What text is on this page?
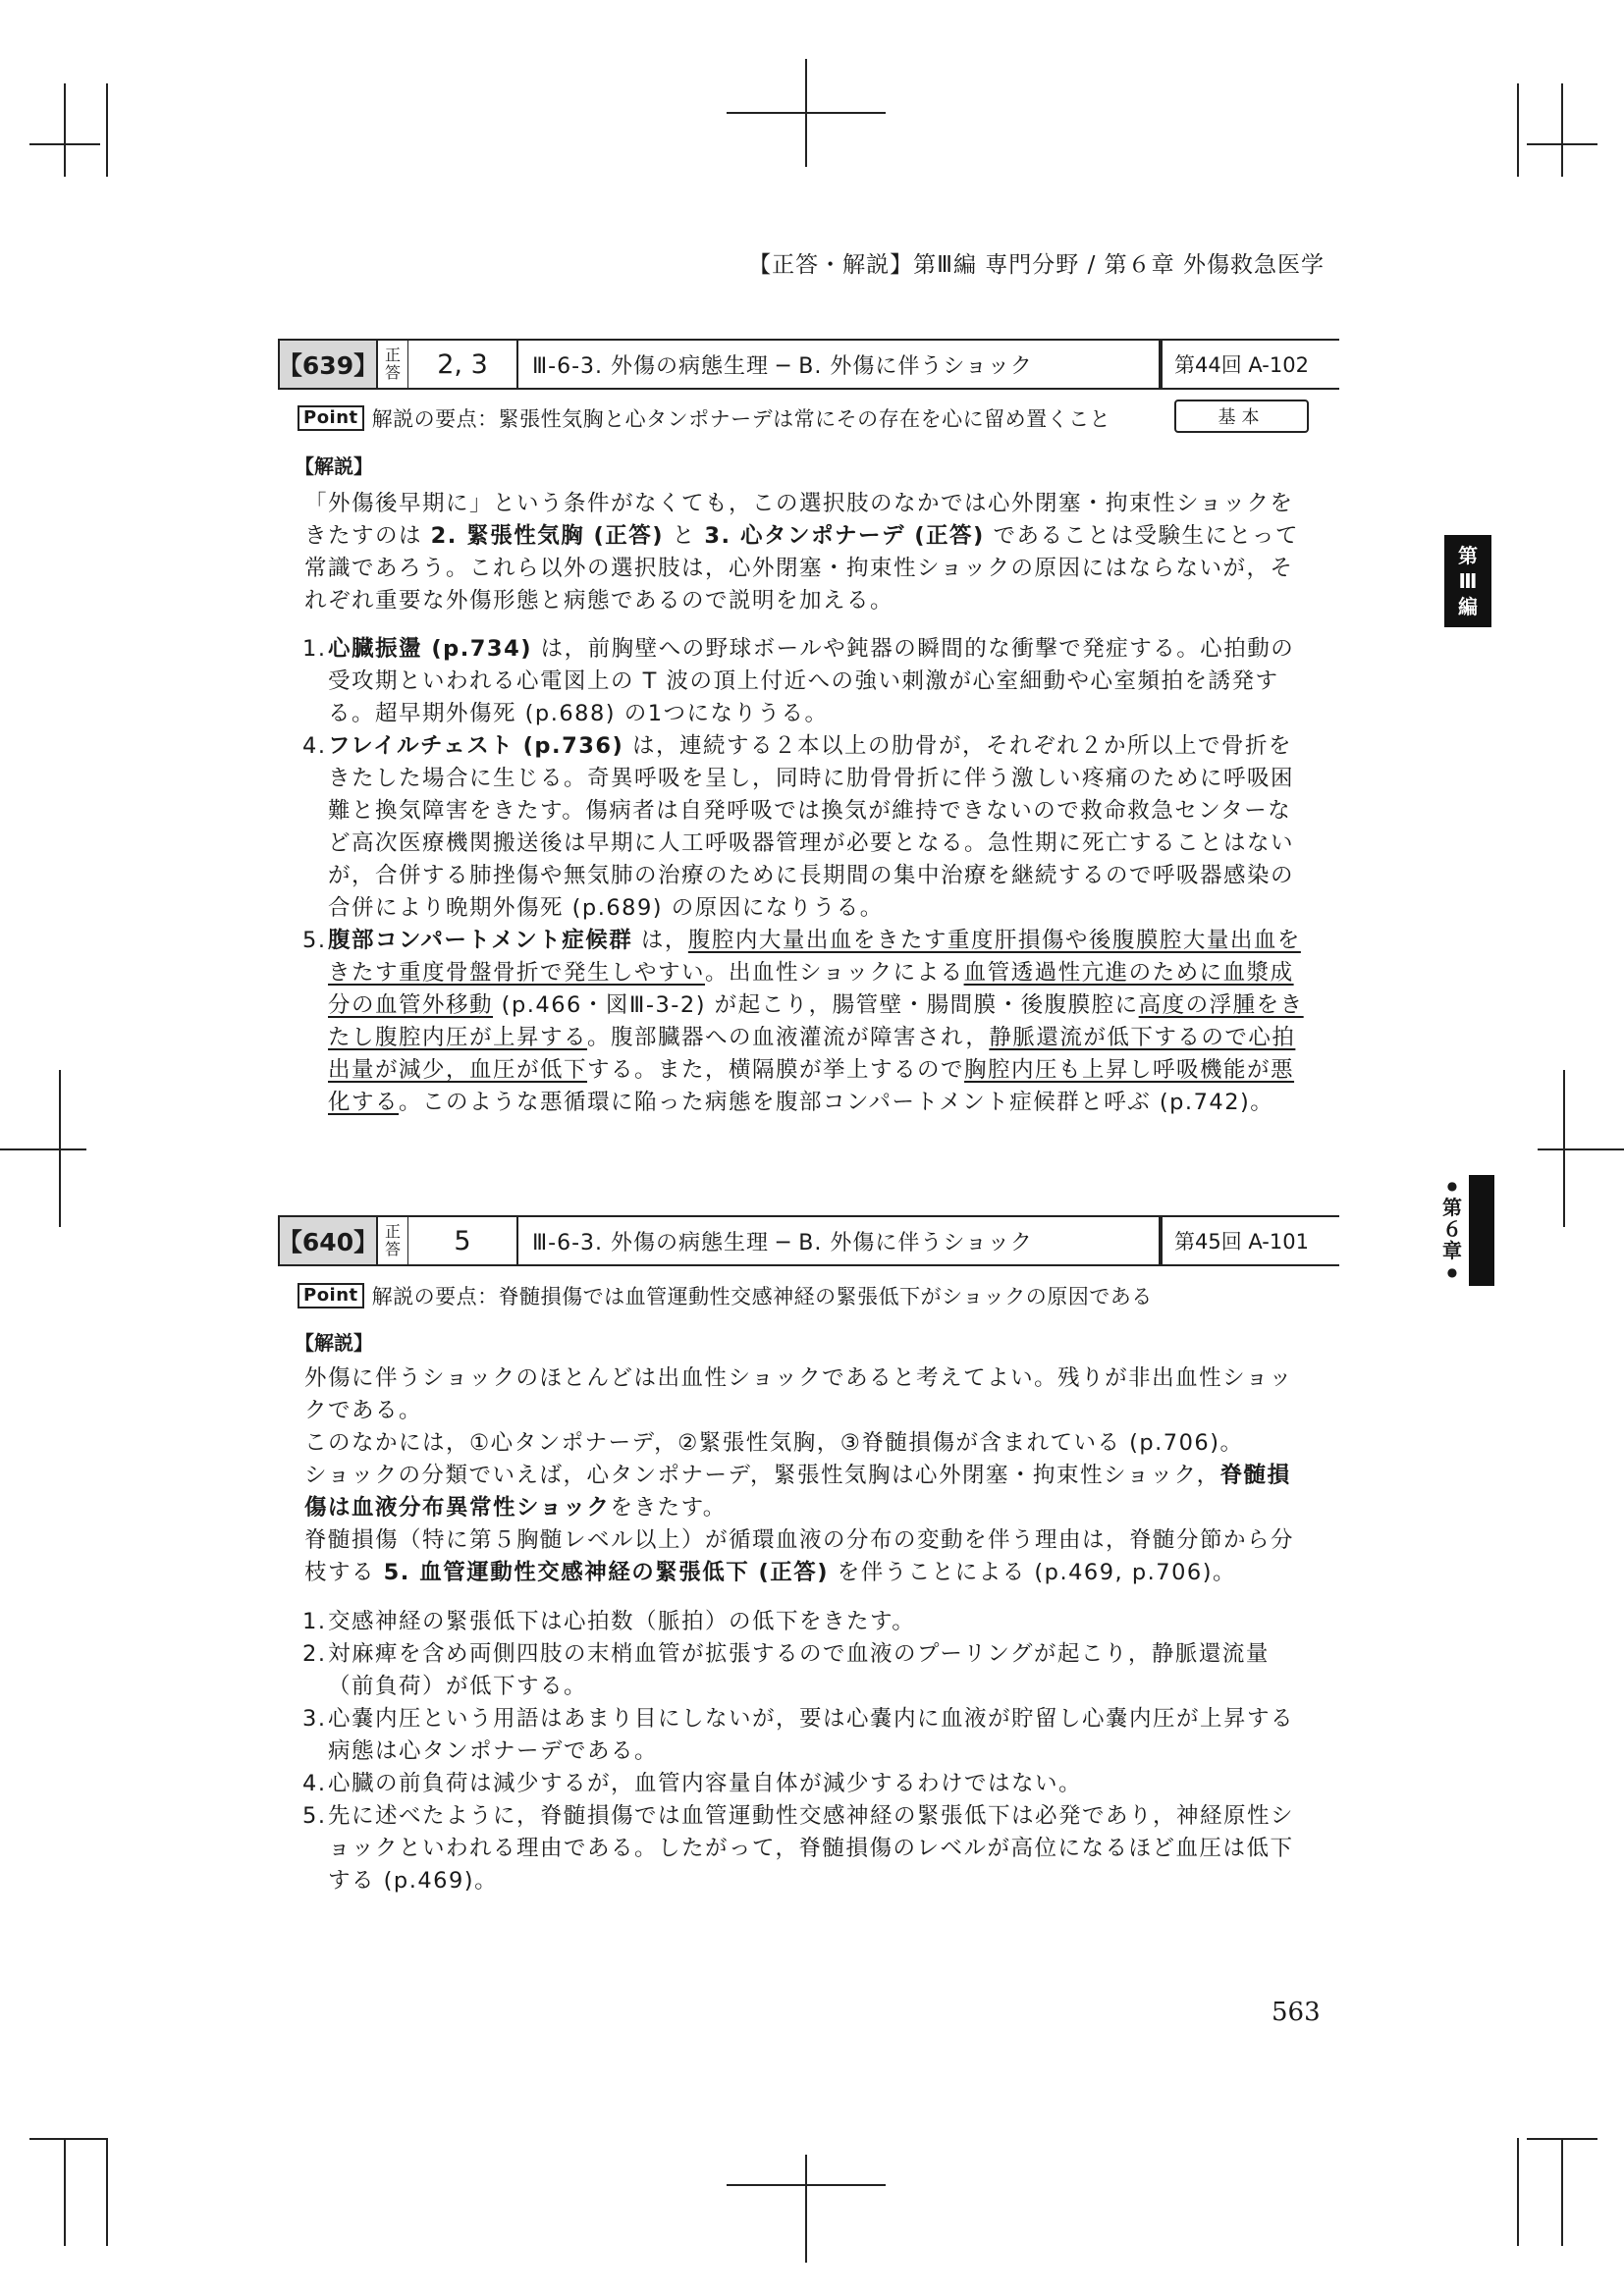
【正答・解説】第Ⅲ編 専門分野 / 第６章 外傷救急医学
第
Ⅲ
編
●
第
６
章
●
【639】 正
答	2, 3	Ⅲ-6-3. 外傷の病態生理 ─ B. 外傷に伴うショック	第44回 A-102
Point 解説の要点：緊張性気胸と心タンポナーデは常にその存在を心に留め置くこと	基本
【解説】

「外傷後早期に」という条件がなくても，この選択肢のなかでは心外閉塞・拘束性ショックをきたすのは 2. 緊張性気胸 (正答) と 3. 心タンポナーデ (正答) であることは受験生にとって常識であろう。これら以外の選択肢は，心外閉塞・拘束性ショックの原因にはならないが，それぞれ重要な外傷形態と病態であるので説明を加える。

1. 心臓振盪 (p.734) は，前胸壁への野球ボールや鈍器の瞬間的な衝撃で発症する。心拍動の受攻期といわれる心電図上の T 波の頂上付近への強い刺激が心室細動や心室頻拍を誘発する。超早期外傷死 (p.688) の1つになりうる。
4. フレイルチェスト (p.736) は，連続する２本以上の肋骨が，それぞれ２か所以上で骨折をきたした場合に生じる。奇異呼吸を呈し，同時に肋骨骨折に伴う激しい疼痛のために呼吸困難と換気障害をきたす。傷病者は自発呼吸では換気が維持できないので救命救急センターなど高次医療機関搬送後は早期に人工呼吸器管理が必要となる。急性期に死亡することはないが，合併する肺挫傷や無気肺の治療のために長期間の集中治療を継続するので呼吸器感染の合併により晩期外傷死 (p.689) の原因になりうる。
5. 腹部コンパートメント症候群 は，腹腔内大量出血をきたす重度肝損傷や後腹膜腔大量出血をきたす重度骨盤骨折で発生しやすい。出血性ショックによる血管透過性亢進のために血漿成分の血管外移動 (p.466・図Ⅲ-3-2) が起こり，腸管壁・腸間膜・後腹膜腔に高度の浮腫をきたし腹腔内圧が上昇する。腹部臓器への血液灌流が障害され，静脈還流が低下するので心拍出量が減少，血圧が低下する。また，横隔膜が挙上するので胸腔内圧も上昇し呼吸機能が悪化する。このような悪循環に陥った病態を腹部コンパートメント症候群と呼ぶ (p.742)。
【640】 正
答	5	Ⅲ-6-3. 外傷の病態生理 ─ B. 外傷に伴うショック	第45回 A-101
Point 解説の要点：脊髄損傷では血管運動性交感神経の緊張低下がショックの原因である
【解説】

外傷に伴うショックのほとんどは出血性ショックであると考えてよい。残りが非出血性ショックである。

このなかには，①心タンポナーデ，②緊張性気胸，③脊髄損傷が含まれている (p.706)。

ショックの分類でいえば，心タンポナーデ，緊張性気胸は心外閉塞・拘束性ショック，脊髄損傷は血液分布異常性ショックをきたす。

脊髄損傷（特に第５胸髄レベル以上）が循環血液の分布の変動を伴う理由は，脊髄分節から分枝する 5. 血管運動性交感神経の緊張低下 (正答) を伴うことによる (p.469, p.706)。

1. 交感神経の緊張低下は心拍数（脈拍）の低下をきたす。
2. 対麻痺を含め両側四肢の末梢血管が拡張するので血液のプーリングが起こり，静脈還流量（前負荷）が低下する。
3. 心嚢内圧という用語はあまり目にしないが，要は心嚢内に血液が貯留し心嚢内圧が上昇する病態は心タンポナーデである。
4. 心臓の前負荷は減少するが，血管内容量自体が減少するわけではない。
5. 先に述べたように，脊髄損傷では血管運動性交感神経の緊張低下は必発であり，神経原性ショックといわれる理由である。したがって，脊髄損傷のレベルが高位になるほど血圧は低下する (p.469)。
563
